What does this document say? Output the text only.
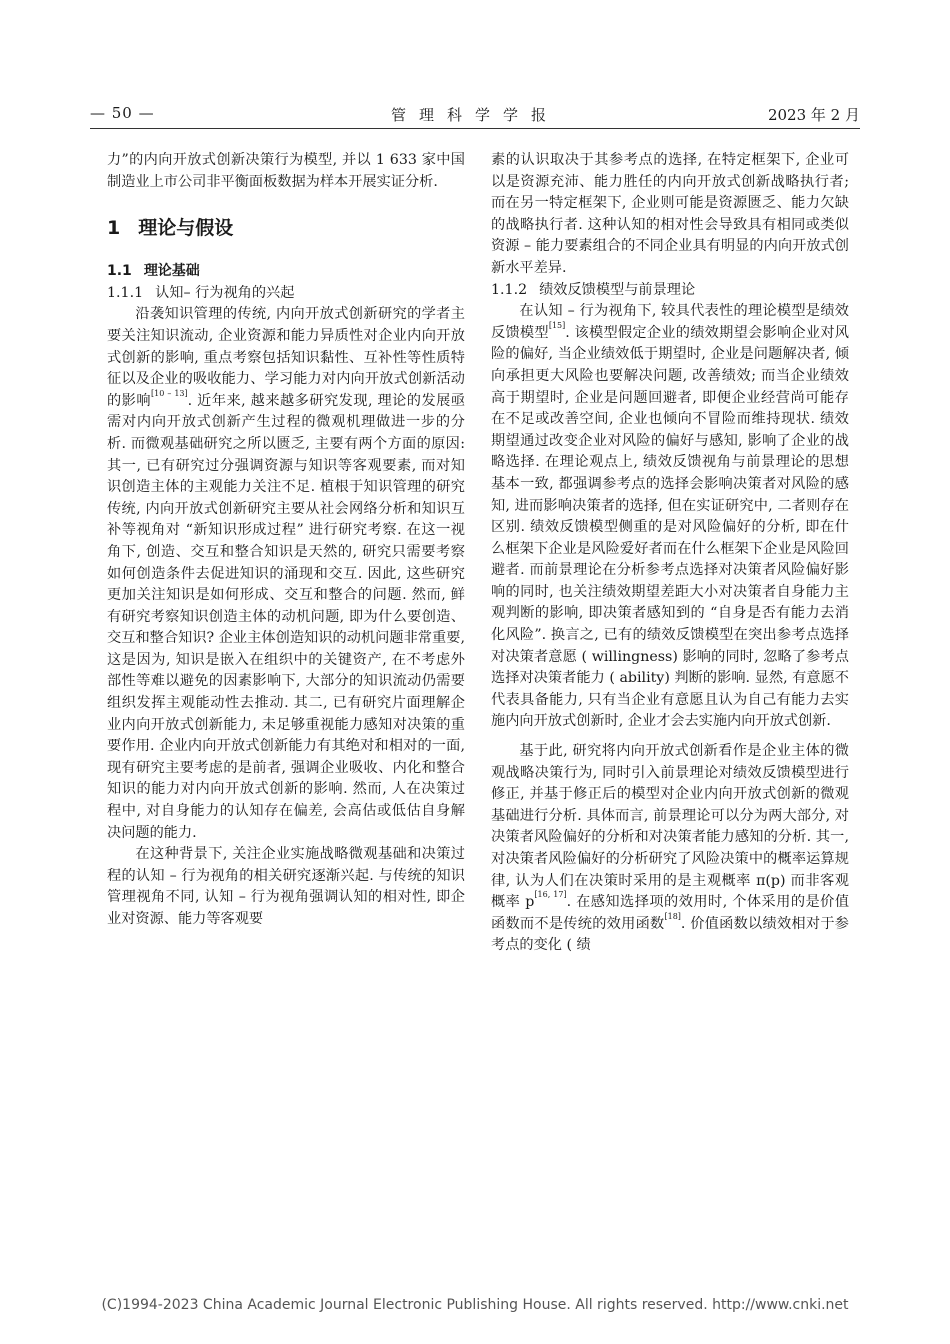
— 50 —	管理科学学报	2023 年 2 月

力”的内向开放式创新决策行为模型, 并以 1 633 家中国制造业上市公司非平衡面板数据为样本开展实证分析.

1 理论与假设
1.1 理论基础
1.1.1 认知– 行为视角的兴起

沿袭知识管理的传统, 内向开放式创新研究的学者主要关注知识流动, 企业资源和能力异质性对企业内向开放式创新的影响, 重点考察包括知识黏性、互补性等性质特征以及企业的吸收能力、学习能力对内向开放式创新活动的影响[10 – 13]. 近年来, 越来越多研究发现, 理论的发展亟需对内向开放式创新产生过程的微观机理做进一步的分析. 而微观基础研究之所以匮乏, 主要有两个方面的原因: 其一, 已有研究过分强调资源与知识等客观要素, 而对知识创造主体的主观能力关注不足. 植根于知识管理的研究传统, 内向开放式创新研究主要从社会网络分析和知识互补等视角对 “新知识形成过程” 进行研究考察. 在这一视角下, 创造、交互和整合知识是天然的, 研究只需要考察如何创造条件去促进知识的涌现和交互. 因此, 这些研究更加关注知识是如何形成、交互和整合的问题. 然而, 鲜有研究考察知识创造主体的动机问题, 即为什么要创造、交互和整合知识? 企业主体创造知识的动机问题非常重要, 这是因为, 知识是嵌入在组织中的关键资产, 在不考虑外部性等难以避免的因素影响下, 大部分的知识流动仍需要组织发挥主观能动性去推动. 其二, 已有研究片面理解企业内向开放式创新能力, 未足够重视能力感知对决策的重要作用. 企业内向开放式创新能力有其绝对和相对的一面, 现有研究主要考虑的是前者, 强调企业吸收、内化和整合知识的能力对内向开放式创新的影响. 然而, 人在决策过程中, 对自身能力的认知存在偏差, 会高估或低估自身解决问题的能力.

在这种背景下, 关注企业实施战略微观基础和决策过程的认知 – 行为视角的相关研究逐渐兴起. 与传统的知识管理视角不同, 认知 – 行为视角强调认知的相对性, 即企业对资源、能力等客观要

素的认识取决于其参考点的选择, 在特定框架下, 企业可以是资源充沛、能力胜任的内向开放式创新战略执行者; 而在另一特定框架下, 企业则可能是资源匮乏、能力欠缺的战略执行者. 这种认知的相对性会导致具有相同或类似资源 – 能力要素组合的不同企业具有明显的内向开放式创新水平差异.

1.1.2 绩效反馈模型与前景理论

在认知 – 行为视角下, 较具代表性的理论模型是绩效反馈模型[15]. 该模型假定企业的绩效期望会影响企业对风险的偏好, 当企业绩效低于期望时, 企业是问题解决者, 倾向承担更大风险也要解决问题, 改善绩效; 而当企业绩效高于期望时, 企业是问题回避者, 即便企业经营尚可能存在不足或改善空间, 企业也倾向不冒险而维持现状. 绩效期望通过改变企业对风险的偏好与感知, 影响了企业的战略选择. 在理论观点上, 绩效反馈视角与前景理论的思想基本一致, 都强调参考点的选择会影响决策者对风险的感知, 进而影响决策者的选择, 但在实证研究中, 二者则存在区别. 绩效反馈模型侧重的是对风险偏好的分析, 即在什么框架下企业是风险爱好者而在什么框架下企业是风险回避者. 而前景理论在分析参考点选择对决策者风险偏好影响的同时, 也关注绩效期望差距大小对决策者自身能力主观判断的影响, 即决策者感知到的 “自身是否有能力去消化风险”. 换言之, 已有的绩效反馈模型在突出参考点选择对决策者意愿 ( willingness) 影响的同时, 忽略了参考点选择对决策者能力 ( ability) 判断的影响. 显然, 有意愿不代表具备能力, 只有当企业有意愿且认为自己有能力去实施内向开放式创新时, 企业才会去实施内向开放式创新.

基于此, 研究将内向开放式创新看作是企业主体的微观战略决策行为, 同时引入前景理论对绩效反馈模型进行修正, 并基于修正后的模型对企业内向开放式创新的微观基础进行分析. 具体而言, 前景理论可以分为两大部分, 对决策者风险偏好的分析和对决策者能力感知的分析. 其一, 对决策者风险偏好的分析研究了风险决策中的概率运算规律, 认为人们在决策时采用的是主观概率 π(p) 而非客观概率 p[16, 17]. 在感知选择项的效用时, 个体采用的是价值函数而不是传统的效用函数[18]. 价值函数以绩效相对于参考点的变化 ( 绩

(C)1994-2023 China Academic Journal Electronic Publishing House. All rights reserved. http://www.cnki.net
